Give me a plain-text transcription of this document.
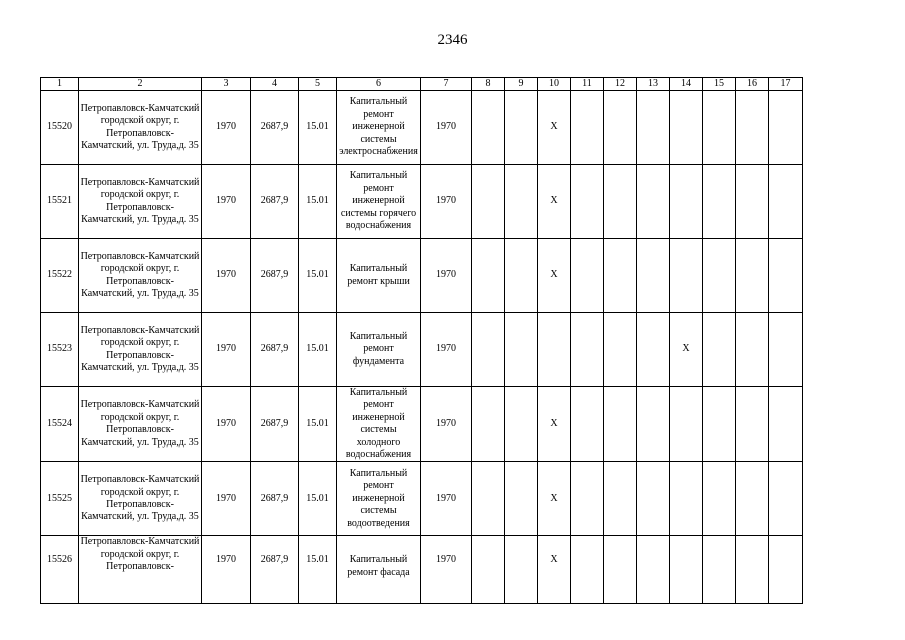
2346
1	2	3	4	5	6	7	8	9	10	11	12	13	14	15	16	17
15520	Петропавловск-Камчатский городской округ, г. Петропавловск-Камчатский, ул. Труда,д. 35	1970	2687,9	15.01	Капитальный ремонт инженерной системы электроснабжения	1970			X							
15521	Петропавловск-Камчатский городской округ, г. Петропавловск-Камчатский, ул. Труда,д. 35	1970	2687,9	15.01	Капитальный ремонт инженерной системы горячего водоснабжения	1970			X							
15522	Петропавловск-Камчатский городской округ, г. Петропавловск-Камчатский, ул. Труда,д. 35	1970	2687,9	15.01	Капитальный ремонт крыши	1970			X							
15523	Петропавловск-Камчатский городской округ, г. Петропавловск-Камчатский, ул. Труда,д. 35	1970	2687,9	15.01	Капитальный ремонт фундамента	1970							X			
15524	Петропавловск-Камчатский городской округ, г. Петропавловск-Камчатский, ул. Труда,д. 35	1970	2687,9	15.01	Капитальный ремонт инженерной системы холодного водоснабжения	1970			X							
15525	Петропавловск-Камчатский городской округ, г. Петропавловск-Камчатский, ул. Труда,д. 35	1970	2687,9	15.01	Капитальный ремонт инженерной системы водоотведения	1970			X							
15526	Петропавловск-Камчатский городской округ, г. Петропавловск-	1970	2687,9	15.01	Капитальный ремонт фасада	1970			X							
